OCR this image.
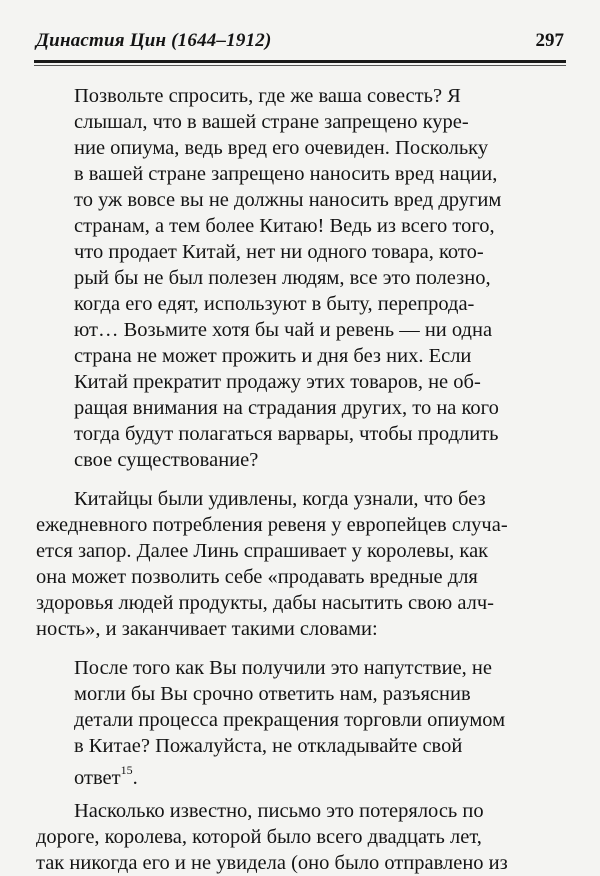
Династия Цин (1644–1912)	297
Позвольте спросить, где же ваша совесть? Я
слышал, что в вашей стране запрещено куре-
ние опиума, ведь вред его очевиден. Поскольку
в вашей стране запрещено наносить вред нации,
то уж вовсе вы не должны наносить вред другим
странам, а тем более Китаю! Ведь из всего того,
что продает Китай, нет ни одного товара, кото-
рый бы не был полезен людям, все это полезно,
когда его едят, используют в быту, перепрода-
ют… Возьмите хотя бы чай и ревень — ни одна
страна не может прожить и дня без них. Если
Китай прекратит продажу этих товаров, не об-
ращая внимания на страдания других, то на кого
тогда будут полагаться варвары, чтобы продлить
свое существование?
Китайцы были удивлены, когда узнали, что без
ежедневного потребления ревеня у европейцев случа-
ется запор. Далее Линь спрашивает у королевы, как
она может позволить себе «продавать вредные для
здоровья людей продукты, дабы насытить свою алч-
ность», и заканчивает такими словами:
После того как Вы получили это напутствие, не
могли бы Вы срочно ответить нам, разъяснив
детали процесса прекращения торговли опиумом
в Китае? Пожалуйста, не откладывайте свой
ответ$^{15}$.
Насколько известно, письмо это потерялось по
дороге, королева, которой было всего двадцать лет,
так никогда его и не увидела (оно было отправлено из
